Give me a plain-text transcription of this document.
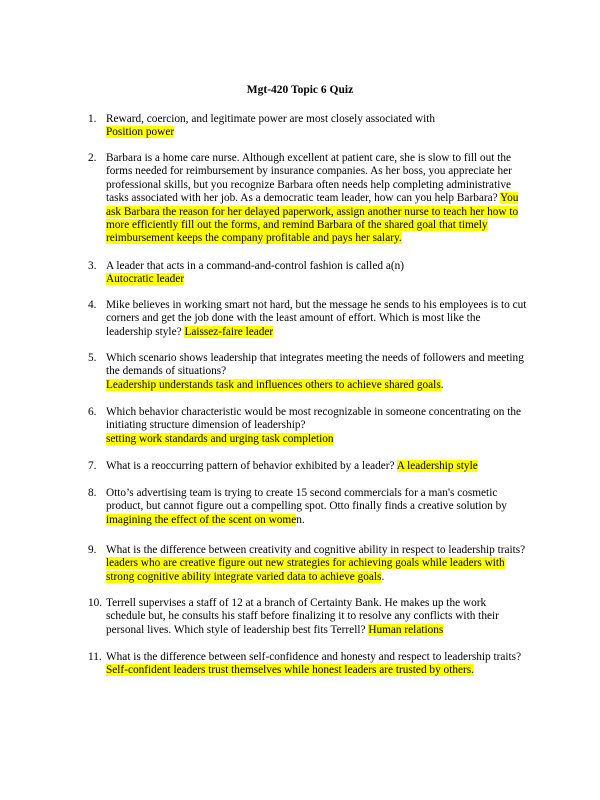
Mgt-420 Topic 6 Quiz
1. Reward, coercion, and legitimate power are most closely associated with
Position power
2. Barbara is a home care nurse. Although excellent at patient care, she is slow to fill out the forms needed for reimbursement by insurance companies. As her boss, you appreciate her professional skills, but you recognize Barbara often needs help completing administrative tasks associated with her job. As a democratic team leader, how can you help Barbara? You ask Barbara the reason for her delayed paperwork, assign another nurse to teach her how to more efficiently fill out the forms, and remind Barbara of the shared goal that timely reimbursement keeps the company profitable and pays her salary.
3. A leader that acts in a command-and-control fashion is called a(n)
Autocratic leader
4. Mike believes in working smart not hard, but the message he sends to his employees is to cut corners and get the job done with the least amount of effort. Which is most like the leadership style? Laissez-faire leader
5. Which scenario shows leadership that integrates meeting the needs of followers and meeting the demands of situations?
Leadership understands task and influences others to achieve shared goals.
6. Which behavior characteristic would be most recognizable in someone concentrating on the initiating structure dimension of leadership?
setting work standards and urging task completion
7. What is a reoccurring pattern of behavior exhibited by a leader? A leadership style
8. Otto’s advertising team is trying to create 15 second commercials for a man's cosmetic product, but cannot figure out a compelling spot. Otto finally finds a creative solution by imagining the effect of the scent on women.
9. What is the difference between creativity and cognitive ability in respect to leadership traits? leaders who are creative figure out new strategies for achieving goals while leaders with strong cognitive ability integrate varied data to achieve goals.
10. Terrell supervises a staff of 12 at a branch of Certainty Bank. He makes up the work schedule but, he consults his staff before finalizing it to resolve any conflicts with their personal lives. Which style of leadership best fits Terrell? Human relations
11. What is the difference between self-confidence and honesty and respect to leadership traits? Self-confident leaders trust themselves while honest leaders are trusted by others.
